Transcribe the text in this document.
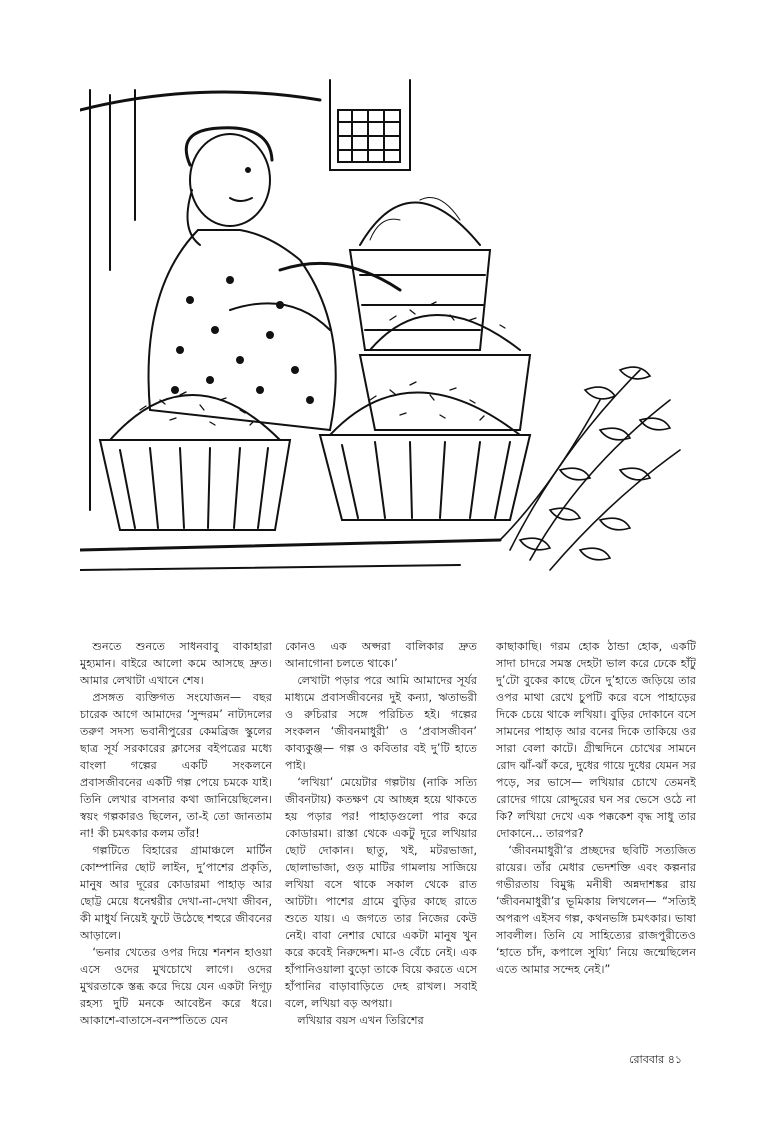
শুনতে শুনতে সাধনবাবু বাকাহারা মুহ্যমান। বাইরে আলো কমে আসছে দ্রুত। আমার লেখাটা এখানে শেষ।

প্রসঙ্গত ব্যক্তিগত সংযোজন— বছর চারেক আগে আমাদের ‘সুন্দরম’ নাট্যদলের তরুণ সদস্য ভবানীপুরের কেমব্রিজ স্কুলের ছাত্র সূর্য সরকারের ক্লাসের বইপত্রের মধ্যে বাংলা গল্পের একটি সংকলনে প্রবাসজীবনের একটি গল্প পেয়ে চমকে যাই। তিনি লেখার বাসনার কথা জানিয়েছিলেন। স্বয়ং গল্পকারও ছিলেন, তা-ই তো জানতাম না! কী চমৎকার কলম তাঁর!

গল্পটিতে বিহারের গ্রামাঞ্চলে মার্টিন কোম্পানির ছোট লাইন, দু’পাশের প্রকৃতি, মানুষ আর দূরের কোডারমা পাহাড় আর ছোট্ট মেয়ে ধনেশ্বরীর দেখা-না-দেখা জীবন, কী মাধুর্য নিয়েই ফুটে উঠেছে শহুরে জীবনের আড়ালে।

‘ভনার খেতের ওপর দিয়ে শনশন হাওয়া এসে ওদের মুখচোখে লাগে। ওদের মুখরতাকে স্তব্ধ করে দিয়ে যেন একটা নিগূঢ় রহস্য দুটি মনকে আবেষ্টন করে ধরে। আকাশে-বাতাসে-বনস্পতিতে যেন

কোনও এক অপ্সরা বালিকার দ্রুত আনাগোনা চলতে থাকে।’

লেখাটা পড়ার পরে আমি আমাদের সূর্যর মাধ্যমে প্রবাসজীবনের দুই কন্যা, ঋতাভরী ও রুচিরার সঙ্গে পরিচিত হই। গল্পের সংকলন ‘জীবনমাধুরী’ ও ‘প্রবাসজীবন’ কাব্যকুঞ্জ— গল্প ও কবিতার বই দু’টি হাতে পাই।

‘লখিয়া’ মেয়েটার গল্পটায় (নাকি সত্যি জীবনটায়) কতক্ষণ যে আচ্ছন্ন হয়ে থাকতে হয় পড়ার পর! পাহাড়গুলো পার করে কোডারমা। রাস্তা থেকে একটু দূরে লখিয়ার ছোট দোকান। ছাতু, খই, মটরভাজা, ছোলাভাজা, গুড় মাটির গামলায় সাজিয়ে লখিয়া বসে থাকে সকাল থেকে রাত আটটা। পাশের গ্রামে বুড়ির কাছে রাতে শুতে যায়। এ জগতে তার নিজের কেউ নেই। বাবা নেশার ঘোরে একটা মানুষ খুন করে কবেই নিরুদ্দেশ। মা-ও বেঁচে নেই। এক হাঁপানিওয়ালা বুড়ো তাকে বিয়ে করতে এসে হাঁপানির বাড়াবাড়িতে দেহ রাখল। সবাই বলে, লখিয়া বড় অপয়া।

লখিয়ার বয়স এখন তিরিশের

কাছাকাছি। গরম হোক ঠান্ডা হোক, একটি সাদা চাদরে সমস্ত দেহটা ভাল করে ঢেকে হাঁটু দু’টো বুকের কাছে টেনে দু’হাতে জড়িয়ে তার ওপর মাথা রেখে চুপটি করে বসে পাহাড়ের দিকে চেয়ে থাকে লখিয়া। বুড়ির দোকানে বসে সামনের পাহাড় আর বনের দিকে তাকিয়ে ওর সারা বেলা কাটে। গ্রীষ্মদিনে চোখের সামনে রোদ ঝাঁ-ঝাঁ করে, দুধের গায়ে দুধের যেমন সর পড়ে, সর ভাসে— লখিয়ার চোখে তেমনই রোদের গায়ে রোদ্দুরের ঘন সর ভেসে ওঠে না কি? লখিয়া দেখে এক পক্ককেশ বৃদ্ধ সাধু তার দোকানে... তারপর?

‘জীবনমাধুরী’র প্রচ্ছদের ছবিটি সত্যজিত রায়ের। তাঁর মেধার ভেদশক্তি এবং কল্পনার গভীরতায় বিমুগ্ধ মনীষী অন্নদাশঙ্কর রায় ‘জীবনমাধুরী’র ভূমিকায় লিখলেন— “সত্যিই অপরূপ এইসব গল্প, কথনভঙ্গি চমৎকার। ভাষা সাবলীল। তিনি যে সাহিত্যের রাজপুরীতেও ‘হাতে চাঁদ, কপালে সুয্যি’ নিয়ে জন্মেছিলেন এতে আমার সন্দেহ নেই।”

রোববার ৪১
